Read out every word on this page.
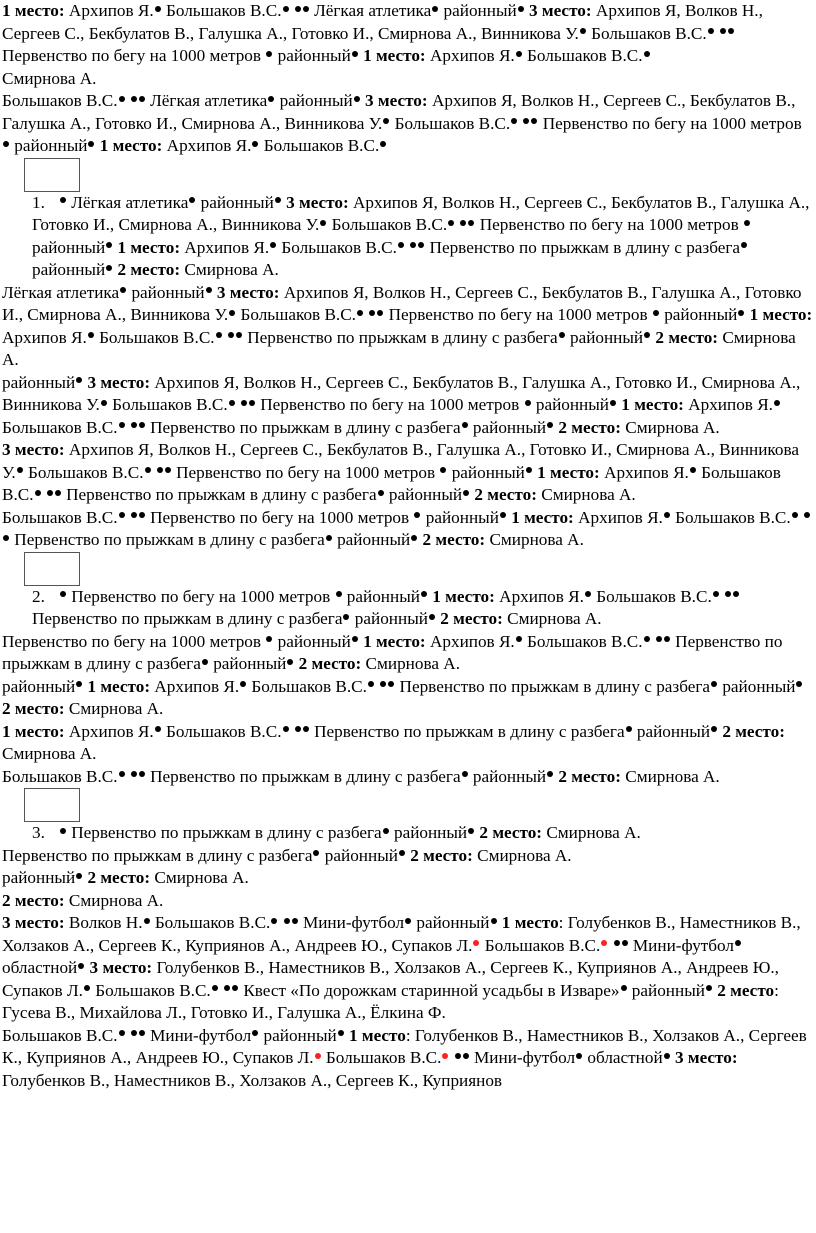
1 место: Архипов Я. Большаков В.С.  Лёгкая атлетика районный 3 место: Архипов Я, Волков Н., Сергеев С., Бекбулатов В., Галушка А., Готовко И., Смирнова А., Винникова У. Большаков В.С.  Первенство по бегу на 1000 метров  районный 1 место: Архипов Я. Большаков В.С.

Смирнова А.

Большаков В.С.  Лёгкая атлетика районный 3 место: Архипов Я, Волков Н., Сергеев С., Бекбулатов В., Галушка А., Готовко И., Смирнова А., Винникова У. Большаков В.С.  Первенство по бегу на 1000 метров  районный 1 место: Архипов Я. Большаков В.С.

1. Лёгкая атлетика районный 3 место: Архипов Я, Волков Н., Сергеев С., Бекбулатов В., Галушка А., Готовко И., Смирнова А., Винникова У. Большаков В.С.  Первенство по бегу на 1000 метров  районный 1 место: Архипов Я. Большаков В.С.  Первенство по прыжкам в длину с разбега районный 2 место: Смирнова А.

Лёгкая атлетика районный 3 место: Архипов Я, Волков Н., Сергеев С., Бекбулатов В., Галушка А., Готовко И., Смирнова А., Винникова У. Большаков В.С.  Первенство по бегу на 1000 метров  районный 1 место: Архипов Я. Большаков В.С.  Первенство по прыжкам в длину с разбега районный 2 место: Смирнова А.

районный 3 место: Архипов Я, Волков Н., Сергеев С., Бекбулатов В., Галушка А., Готовко И., Смирнова А., Винникова У. Большаков В.С.  Первенство по бегу на 1000 метров  районный 1 место: Архипов Я. Большаков В.С.  Первенство по прыжкам в длину с разбега районный 2 место: Смирнова А.

3 место: Архипов Я, Волков Н., Сергеев С., Бекбулатов В., Галушка А., Готовко И., Смирнова А., Винникова У. Большаков В.С.  Первенство по бегу на 1000 метров  районный 1 место: Архипов Я. Большаков В.С.  Первенство по прыжкам в длину с разбега районный 2 место: Смирнова А.

Большаков В.С.  Первенство по бегу на 1000 метров  районный 1 место: Архипов Я. Большаков В.С.  Первенство по прыжкам в длину с разбега районный 2 место: Смирнова А.

2. Первенство по бегу на 1000 метров  районный 1 место: Архипов Я. Большаков В.С.  Первенство по прыжкам в длину с разбега районный 2 место: Смирнова А.

Первенство по бегу на 1000 метров  районный 1 место: Архипов Я. Большаков В.С.  Первенство по прыжкам в длину с разбега районный 2 место: Смирнова А.

районный 1 место: Архипов Я. Большаков В.С.  Первенство по прыжкам в длину с разбега районный 2 место: Смирнова А.

1 место: Архипов Я. Большаков В.С.  Первенство по прыжкам в длину с разбега районный 2 место: Смирнова А.

Большаков В.С.  Первенство по прыжкам в длину с разбега районный 2 место: Смирнова А.

3. Первенство по прыжкам в длину с разбега районный 2 место: Смирнова А.

Первенство по прыжкам в длину с разбега районный 2 место: Смирнова А.

районный 2 место: Смирнова А.

2 место: Смирнова А.

3 место: Волков Н. Большаков В.С.  Мини-футбол районный 1 место: Голубенков В., Наместников В., Холзаков А., Сергеев К., Куприянов А., Андреев Ю., Супаков Л. Большаков В.С.  Мини-футбол областной 3 место: Голубенков В., Наместников В., Холзаков А., Сергеев К., Куприянов А., Андреев Ю., Супаков Л. Большаков В.С.  Квест «По дорожкам старинной усадьбы в Изваре» районный 2 место: Гусева В., Михайлова Л., Готовко И., Галушка А., Ёлкина Ф.

Большаков В.С.  Мини-футбол районный 1 место: Голубенков В., Наместников В., Холзаков А., Сергеев К., Куприянов А., Андреев Ю., Супаков Л. Большаков В.С.  Мини-футбол областной 3 место: Голубенков В., Наместников В., Холзаков А., Сергеев К., Куприянов
